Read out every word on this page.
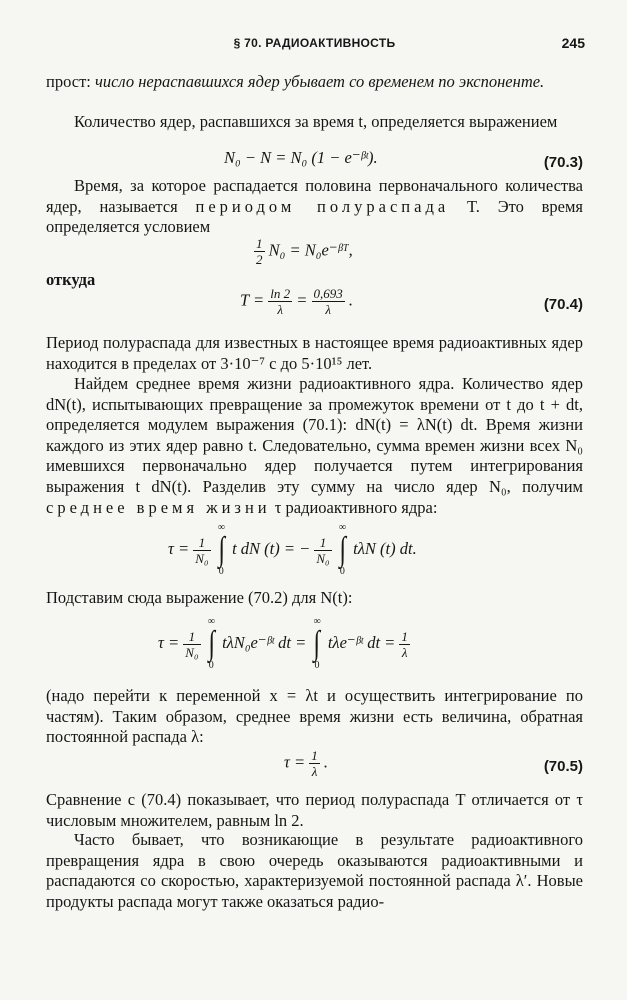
§ 70. РАДИОАКТИВНОСТЬ	245
прост: число нераспавшихся ядер убывает со временем по экспоненте.
Количество ядер, распавшихся за время t, определяется выражением
N₀ − N = N₀ (1 − e⁻ᵝᵗ).	(70.3)
Время, за которое распадается половина первоначального количества ядер, называется периодом полураспада T. Это время определяется условием
$\frac{1}{2} N_0$ = N₀e⁻ᵝᵀ,
откуда
$T = \frac{\ln 2}{\lambda} = \frac{0,693}{\lambda}$ .	(70.4)
Период полураспада для известных в настоящее время радиоактивных ядер находится в пределах от 3·10⁻⁷ с до 5·10¹⁵ лет.
Найдем среднее время жизни радиоактивного ядра. Количество ядер dN(t), испытывающих превращение за промежуток времени от t до t + dt, определяется модулем выражения (70.1): dN(t) = λN(t) dt. Время жизни каждого из этих ядер равно t. Следовательно, сумма времен жизни всех N₀ имевшихся первоначально ядер получается путем интегрирования выражения t dN(t). Разделив эту сумму на число ядер N₀, получим среднее время жизни τ радиоактивного ядра:
$\tau = \frac{1}{\text{N₀}}$
∞
∫
0 t dN (t) = − $\frac{1}{\text{N₀}}$
∞
∫
0 tλN (t) dt.
Подставим сюда выражение (70.2) для N(t):
$\tau = \frac{1}{\text{N₀}}$
∞
∫
0 tλN₀e⁻ᵝᵗ dt = ∞
∫
0 tλe⁻ᵝᵗ dt = $\frac{1}{\lambda}$
(надо перейти к переменной x = λt и осуществить интегрирование по частям). Таким образом, среднее время жизни есть величина, обратная постоянной распада λ:
$\tau = \frac{1}{\lambda}$ .	(70.5)
Сравнение с (70.4) показывает, что период полураспада T отличается от τ числовым множителем, равным ln 2.
Часто бывает, что возникающие в результате радиоактивного превращения ядра в свою очередь оказываются радиоактивными и распадаются со скоростью, характеризуемой постоянной распада λ′. Новые продукты распада могут также оказаться радио-
